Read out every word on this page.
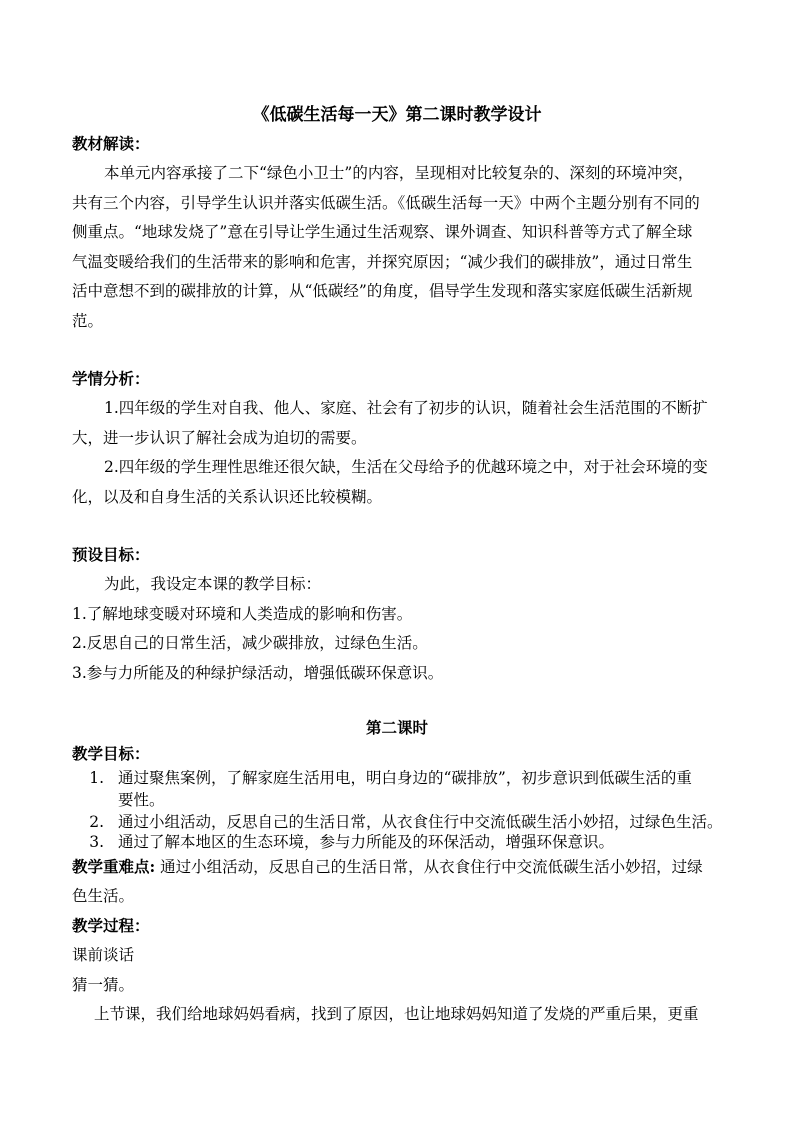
《低碳生活每一天》第二课时教学设计
教材解读：
本单元内容承接了二下“绿色小卫士”的内容，呈现相对比较复杂的、深刻的环境冲突，
共有三个内容，引导学生认识并落实低碳生活。《低碳生活每一天》中两个主题分别有不同的
侧重点。“地球发烧了”意在引导让学生通过生活观察、课外调查、知识科普等方式了解全球
气温变暖给我们的生活带来的影响和危害，并探究原因；“减少我们的碳排放”，通过日常生
活中意想不到的碳排放的计算，从“低碳经”的角度，倡导学生发现和落实家庭低碳生活新规
范。
学情分析：
1.四年级的学生对自我、他人、家庭、社会有了初步的认识，随着社会生活范围的不断扩
大，进一步认识了解社会成为迫切的需要。
2.四年级的学生理性思维还很欠缺，生活在父母给予的优越环境之中，对于社会环境的变
化，以及和自身生活的关系认识还比较模糊。
预设目标：
为此，我设定本课的教学目标：
1.了解地球变暖对环境和人类造成的影响和伤害。
2.反思自己的日常生活，减少碳排放，过绿色生活。
3.参与力所能及的种绿护绿活动，增强低碳环保意识。
第二课时
教学目标：
1. 通过聚焦案例，了解家庭生活用电，明白身边的“碳排放”，初步意识到低碳生活的重
要性。
2. 通过小组活动，反思自己的生活日常，从衣食住行中交流低碳生活小妙招，过绿色生活。
3. 通过了解本地区的生态环境，参与力所能及的环保活动，增强环保意识。
教学重难点: 通过小组活动，反思自己的生活日常，从衣食住行中交流低碳生活小妙招，过绿
色生活。
教学过程：
课前谈话
猜一猜。
上节课，我们给地球妈妈看病，找到了原因，也让地球妈妈知道了发烧的严重后果，更重
